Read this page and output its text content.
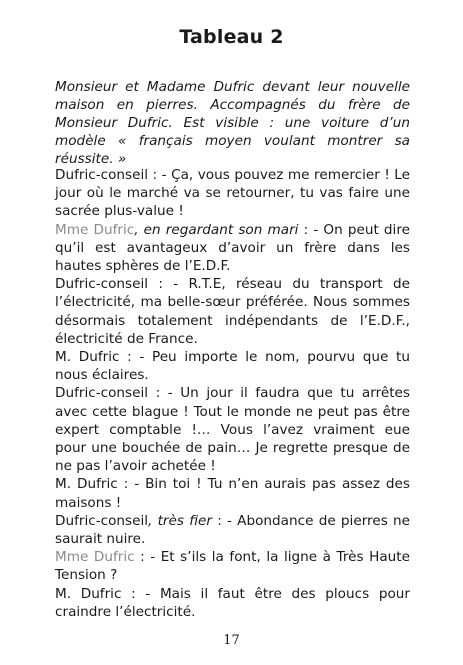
Tableau 2

Monsieur et Madame Dufric devant leur nouvelle maison en pierres. Accompagnés du frère de Monsieur Dufric. Est visible : une voiture d’un modèle « français moyen voulant montrer sa réussite. »

Dufric-conseil : - Ça, vous pouvez me remercier ! Le jour où le marché va se retourner, tu vas faire une sacrée plus-value !

Mme Dufric, en regardant son mari : - On peut dire qu’il est avantageux d’avoir un frère dans les hautes sphères de l’E.D.F.

Dufric-conseil : - R.T.E, réseau du transport de l’électricité, ma belle-sœur préférée. Nous sommes désormais totalement indépendants de l’E.D.F., électricité de France.

M. Dufric : - Peu importe le nom, pourvu que tu nous éclaires.

Dufric-conseil : - Un jour il faudra que tu arrêtes avec cette blague ! Tout le monde ne peut pas être expert comptable !… Vous l’avez vraiment eue pour une bouchée de pain… Je regrette presque de ne pas l’avoir achetée !

M. Dufric : - Bin toi ! Tu n’en aurais pas assez des maisons !

Dufric-conseil, très fier : - Abondance de pierres ne saurait nuire.

Mme Dufric : - Et s’ils la font, la ligne à Très Haute Tension ?

M. Dufric : - Mais il faut être des ploucs pour craindre l’électricité.

17
